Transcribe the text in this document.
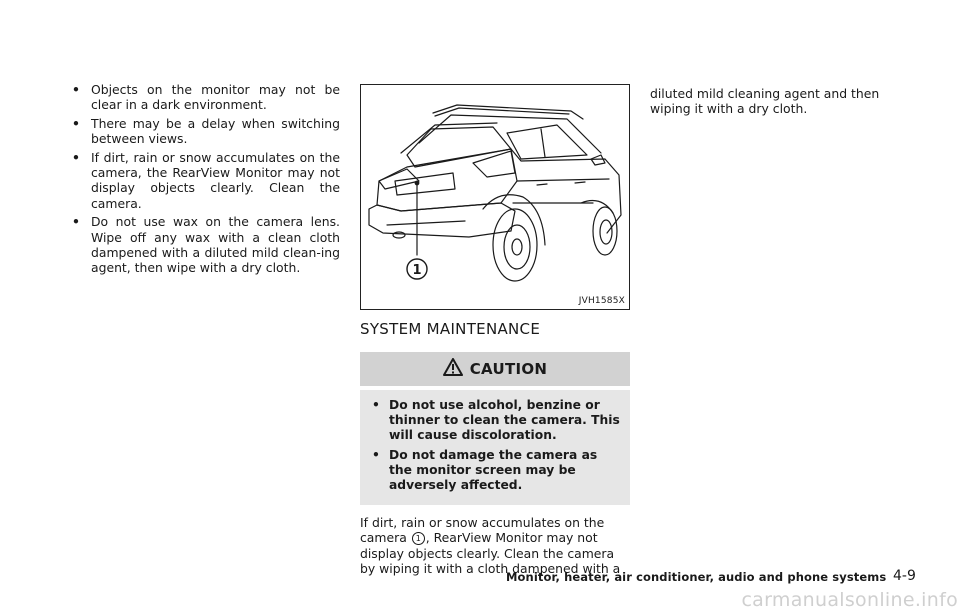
• Objects on the monitor may not be clear in a dark environment.
• There may be a delay when switching between views.
• If dirt, rain or snow accumulates on the camera, the RearView Monitor may not display objects clearly. Clean the camera.
• Do not use wax on the camera lens. Wipe off any wax with a clean cloth dampened with a diluted mild clean-ing agent, then wipe with a dry cloth.	1
JVH1585X
SYSTEM MAINTENANCE
CAUTION
• Do not use alcohol, benzine or thinner to clean the camera. This will cause discoloration.
• Do not damage the camera as the monitor screen may be adversely affected.

If dirt, rain or snow accumulates on the camera 1 , RearView Monitor may not display objects clearly. Clean the camera by wiping it with a cloth dampened with a

diluted mild cleaning agent and then wiping it with a dry cloth.

Monitor, heater, air conditioner, audio and phone systems 4-9
carmanualsonline.info
